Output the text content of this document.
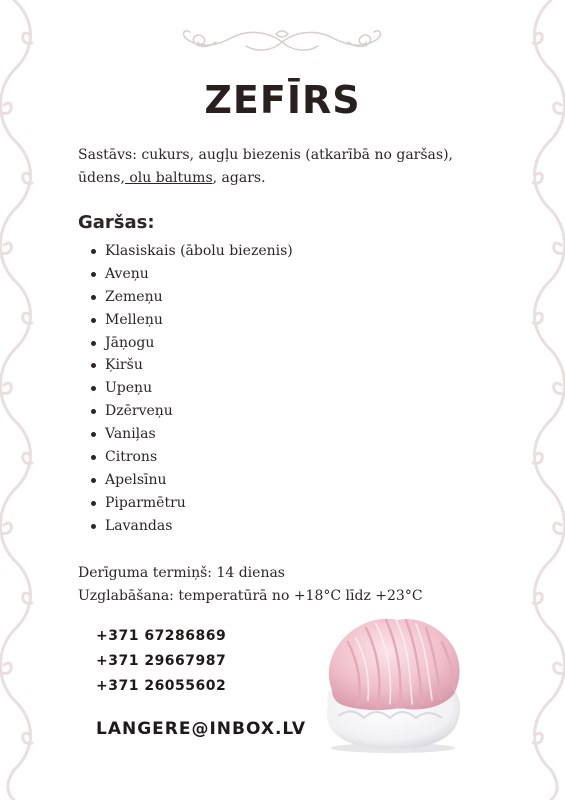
ZEFĪRS

Sastāvs: cukurs, augļu biezenis (atkarībā no garšas), ūdens, olu baltums, agars.

Garšas:
Klasiskais (ābolu biezenis)
Aveņu
Zemeņu
Melleņu
Jāņogu
Ķiršu
Upeņu
Dzērveņu
Vaniļas
Citrons
Apelsīnu
Piparmētru
Lavandas
Derīguma termiņš: 14 dienas
Uzglabāšana: temperatūrā no +18°C līdz +23°C
+371 67286869
+371 29667987
+371 26055602
LANGERE@INBOX.LV
